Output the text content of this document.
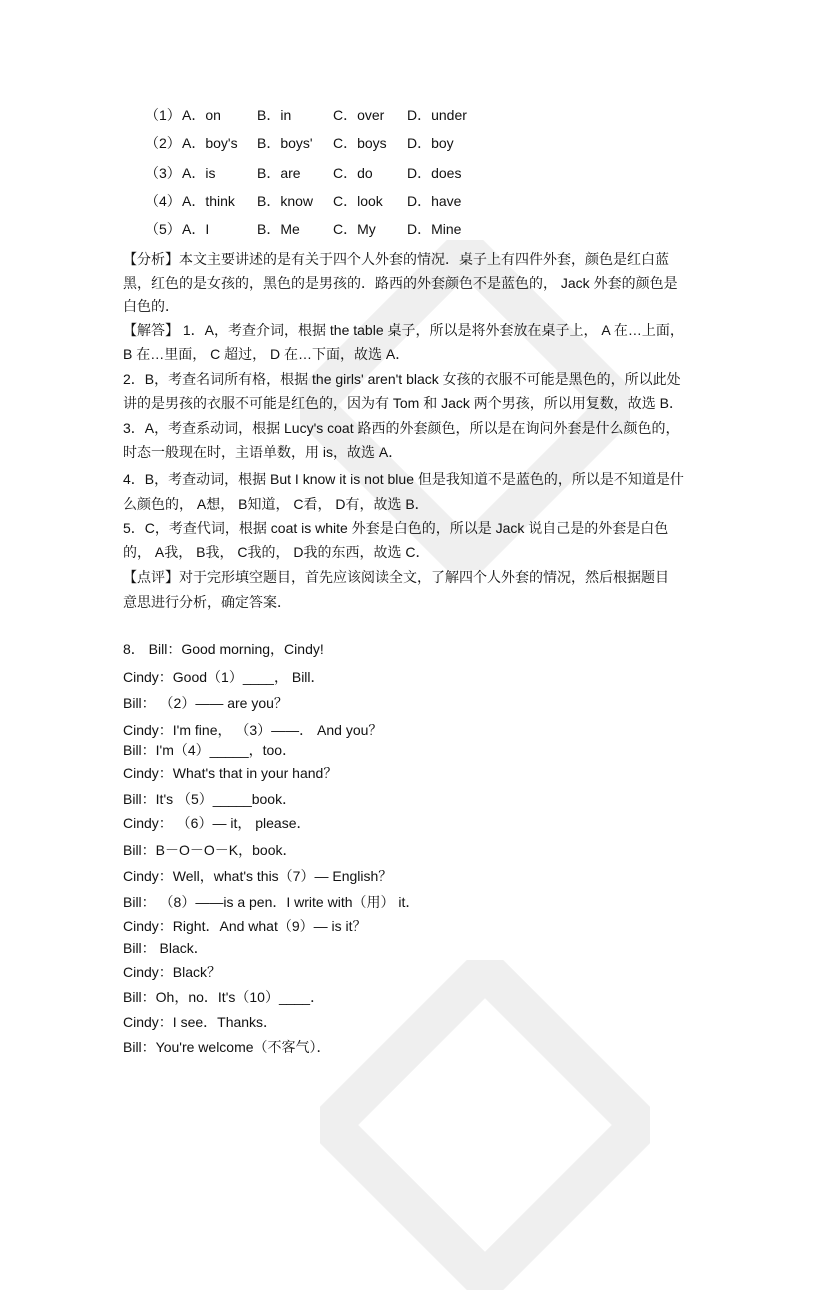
（1） A．on	B．in	C．over D．under
（2） A．boy's B．boys' C．boys D．boy
（3） A．is	B．are C．do D．does
（4） A．think B．know C．look D．have
（5） A．I	B．Me C．My D．Mine
【分析】本文主要讲述的是有关于四个人外套的情况．桌子上有四件外套，颜色是红白蓝
黑，红色的是女孩的，黑色的是男孩的．路西的外套颜色不是蓝色的， Jack 外套的颜色是
白色的．
【解答】 1．A，考查介词，根据 the table 桌子，所以是将外套放在桌子上， A 在…上面，
B 在…里面， C 超过， D 在…下面，故选 A．
2．B，考查名词所有格，根据 the girls' aren't black 女孩的衣服不可能是黑色的，所以此处
讲的是男孩的衣服不可能是红色的，因为有 Tom 和 Jack 两个男孩，所以用复数，故选 B．
3．A，考查系动词，根据 Lucy's coat 路西的外套颜色，所以是在询问外套是什么颜色的，
时态一般现在时，主语单数，用 is，故选 A．
4．B，考查动词，根据 But I know it is not blue 但是我知道不是蓝色的，所以是不知道是什
么颜色的， A想， B知道， C看， D有，故选 B．
5．C，考查代词，根据 coat is white 外套是白色的，所以是 Jack 说自己是的外套是白色
的， A我， B我， C我的， D我的东西，故选 C．
【点评】对于完形填空题目，首先应该阅读全文，了解四个人外套的情况，然后根据题目
意思进行分析，确定答案．
8． Bill：Good morning，Cindy!
Cindy：Good（1）____， Bill．
Bill： （2）—— are you？
Cindy：I'm fine， （3）——． And you？
Bill：I'm（4）_____，too．
Cindy：What's that in your hand？
Bill：It's （5）_____book．
Cindy： （6）— it， please．
Bill：B－O－O－K，book．
Cindy：Well，what's this（7）— English？
Bill： （8）——is a pen．I write with（用） it．
Cindy：Right．And what（9）— is it？
Bill： Black．
Cindy：Black？
Bill：Oh，no．It's（10）____．
Cindy：I see．Thanks．
Bill：You're welcome（不客气）．
